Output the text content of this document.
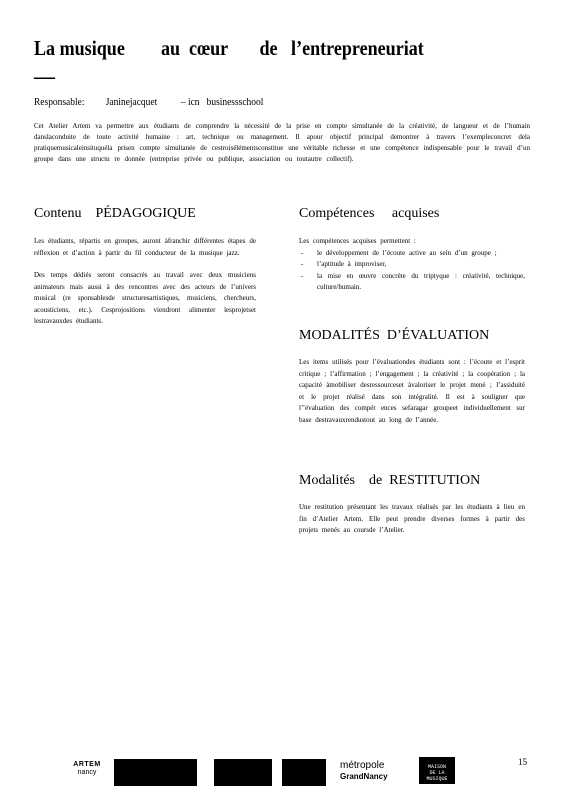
La musique        au  cœur       de   l’entrepreneuriat
—
Responsable:         Janinejacquet          – icn   businessschool
Cet Atelier Artem va permettre aux étudiants de comprendre la nécessité de la prise en compte simultanée de la créativité, de langueur et de l’humain danslaconduite de toute activité humaine : art, technique ou management. Il apour objectif principal demontrer à travers l’exempleconcret dela pratiquemusicaleinsituquéla prisen compte simultanée de cestroisélémentsconstitue une véritable richesse et une compétence indispensable pour le travail d’un groupe dans une structu re donnée (entreprise privée ou publique, association ou toutautre collectif).
Contenu    PÉDAGOGIQUE

Les étudiants, répartis en groupes, auront àfranchir différentes étapes de réflexion et d’action à partir du fil conducteur de la musique jazz.

Des temps dédiés seront consacrés au travail avec deux musiciens animateurs mais aussi à des rencontres avec des acteurs de l’univers musical (re sponsablesde structuresartistiques, musiciens, chercheurs, acousticiens, etc.). Cesprojositions viendront alimenter lesprojetset lestravauxdes étudiants.

Compétences     acquises

Les compétences acquises permettent :

- le développement de l’écoute active au sein d’un groupe ;
- l’aptitude à improviser,
- la mise en œuvre concrète du triptyque : créativité, technique, culture/humain.
MODALITÉS  D’ÉVALUATION
Les items utilisés pour l’évaluationdes étudiants sont : l’écoute et l’esprit critique ; l’affirmation ; l’engagement ; la créativité ; la coopération ; la capacité àmobiliser desressourceset àvaloriser le projet mené ; l’assiduité et le projet réalisé dans son intégralité. Il est à souligner que l’’évaluation des compét ences sefaragar groupeet individuellement sur base destravauxrendustout au long de l’année.
Modalités    de  RESTITUTION
Une restitution présentant les travaux réalisés par les étudiants à lieu en fin d’Atelier Artem. Elle peut prendre diverses formes à partir des projets menés au coursde l’Atelier.
ARTEM
nancy
métropole
GrandNancy
MAISON
DE LA
MUSIQUE
15
